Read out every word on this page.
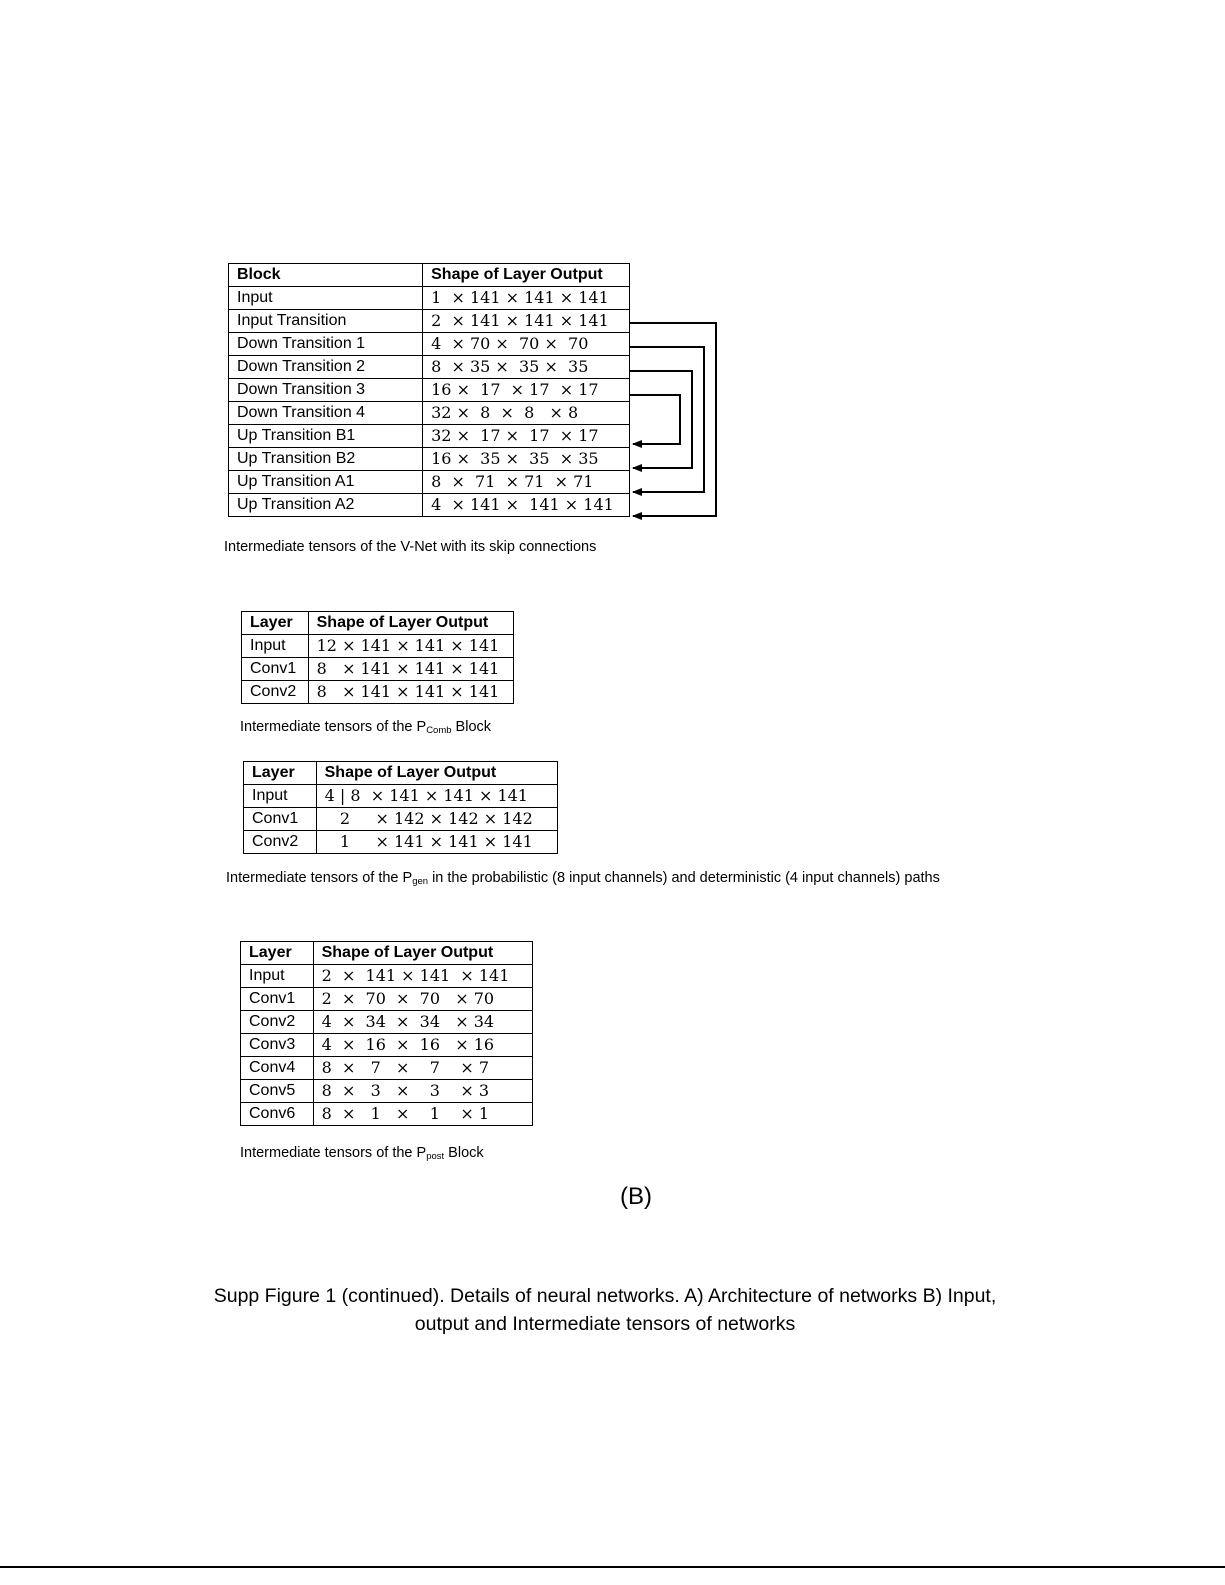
Block	Shape of Layer Output
Input	1  × 141 × 141 × 141
Input Transition	2  × 141 × 141 × 141
Down Transition 1	4  × 70 ×  70 ×  70
Down Transition 2	8  × 35 ×  35 ×  35
Down Transition 3	16 ×  17  × 17  × 17
Down Transition 4	32 ×  8  ×  8   × 8
Up Transition B1	32 ×  17 ×  17  × 17
Up Transition B2	16 ×  35 ×  35  × 35
Up Transition A1	8  ×  71  × 71  × 71
Up Transition A2	4  × 141 ×  141 × 141
Intermediate tensors of the V-Net with its skip connections
Layer	Shape of Layer Output
Input	12 × 141 × 141 × 141
Conv1	8   × 141 × 141 × 141
Conv2	8   × 141 × 141 × 141
Intermediate tensors of the $P_{Comb}$ Block
Layer	Shape of Layer Output
Input	4 | 8  × 141 × 141 × 141
Conv1	2     × 142 × 142 × 142
Conv2	1     × 141 × 141 × 141
Intermediate tensors of the $P_{gen}$ in the probabilistic (8 input channels) and deterministic (4 input channels) paths
Layer	Shape of Layer Output
Input	2  ×  141 × 141  × 141
Conv1	2  ×  70  ×  70   × 70
Conv2	4  ×  34  ×  34   × 34
Conv3	4  ×  16  ×  16   × 16
Conv4	8  ×   7   ×    7    × 7
Conv5	8  ×   3   ×    3    × 3
Conv6	8  ×   1   ×    1    × 1
Intermediate tensors of the $P_{post}$ Block
(B)
Supp Figure 1 (continued). Details of neural networks. A) Architecture of networks B) Input,
output and Intermediate tensors of networks
